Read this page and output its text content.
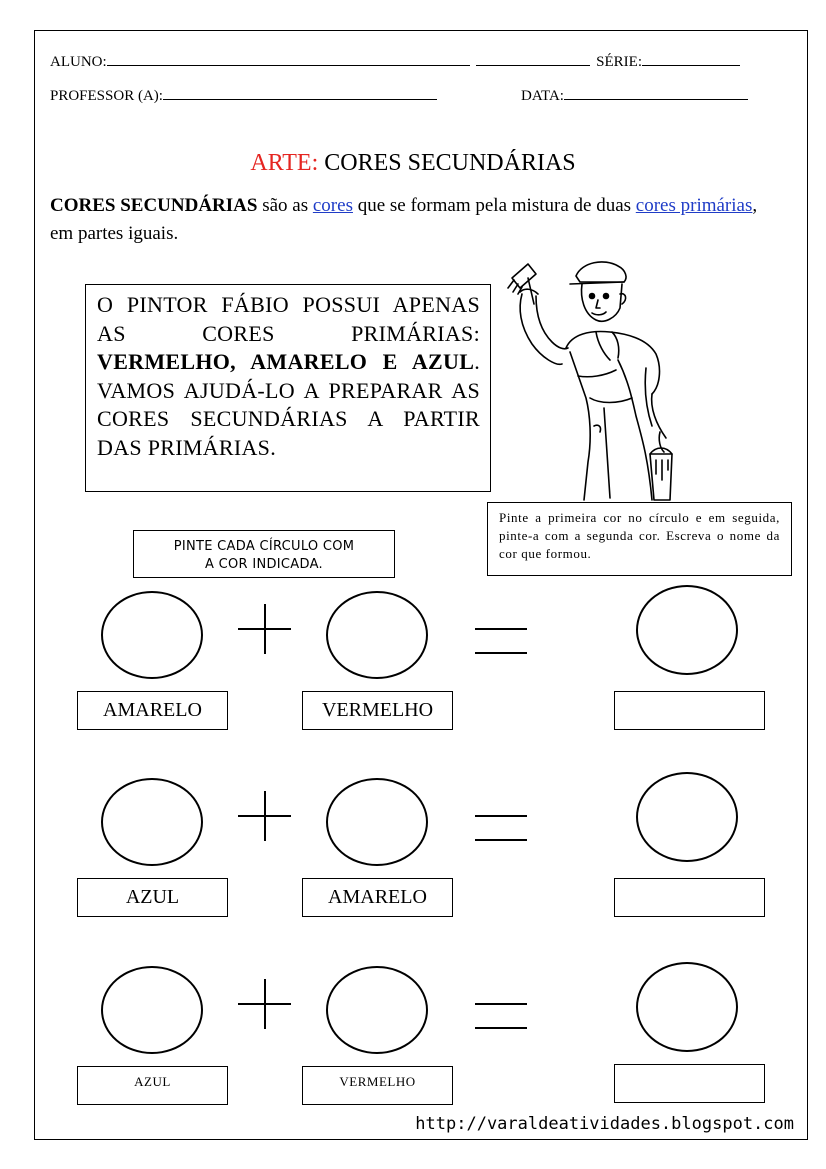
ALUNO:	SÉRIE:
PROFESSOR (A):	DATA:
ARTE: CORES SECUNDÁRIAS
CORES SECUNDÁRIAS são as cores que se formam pela mistura de duas cores primárias, em partes iguais.
O PINTOR FÁBIO POSSUI APENAS AS CORES PRIMÁRIAS: VERMELHO, AMARELO E AZUL. VAMOS AJUDÁ-LO A PREPARAR AS CORES SECUNDÁRIAS A PARTIR DAS PRIMÁRIAS.
Pinte a primeira cor no círculo e em seguida, pinte-a com a segunda cor. Escreva o nome da cor que formou.
PINTE CADA CÍRCULO COM
A COR INDICADA.
AMARELO	VERMELHO
AZUL	AMARELO
AZUL	VERMELHO
http://varaldeatividades.blogspot.com
